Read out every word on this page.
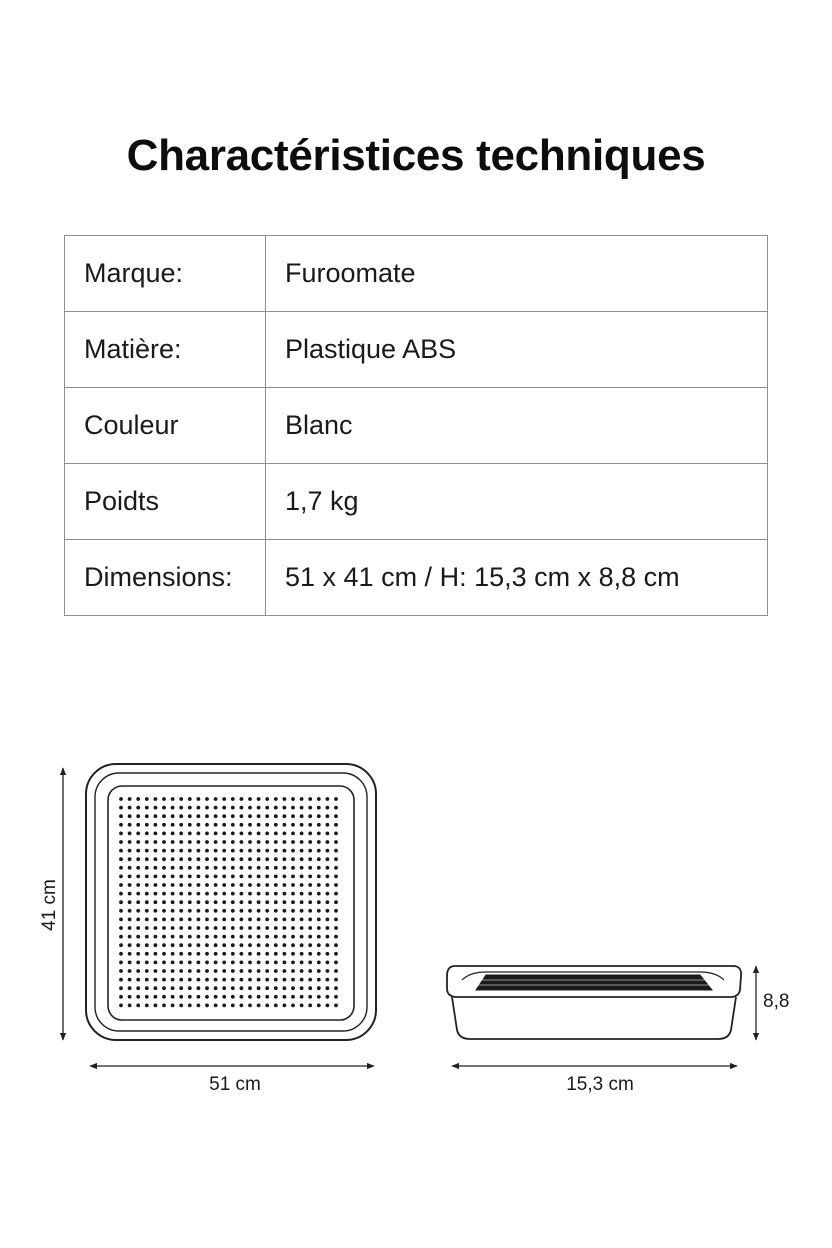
Charactéristices techniques
Marque:	Furoomate
Matière:	Plastique ABS
Couleur	Blanc
Poidts	1,7 kg
Dimensions:	51 x 41 cm / H: 15,3 cm x 8,8 cm
41 cm
51 cm
8,8
15,3 cm
